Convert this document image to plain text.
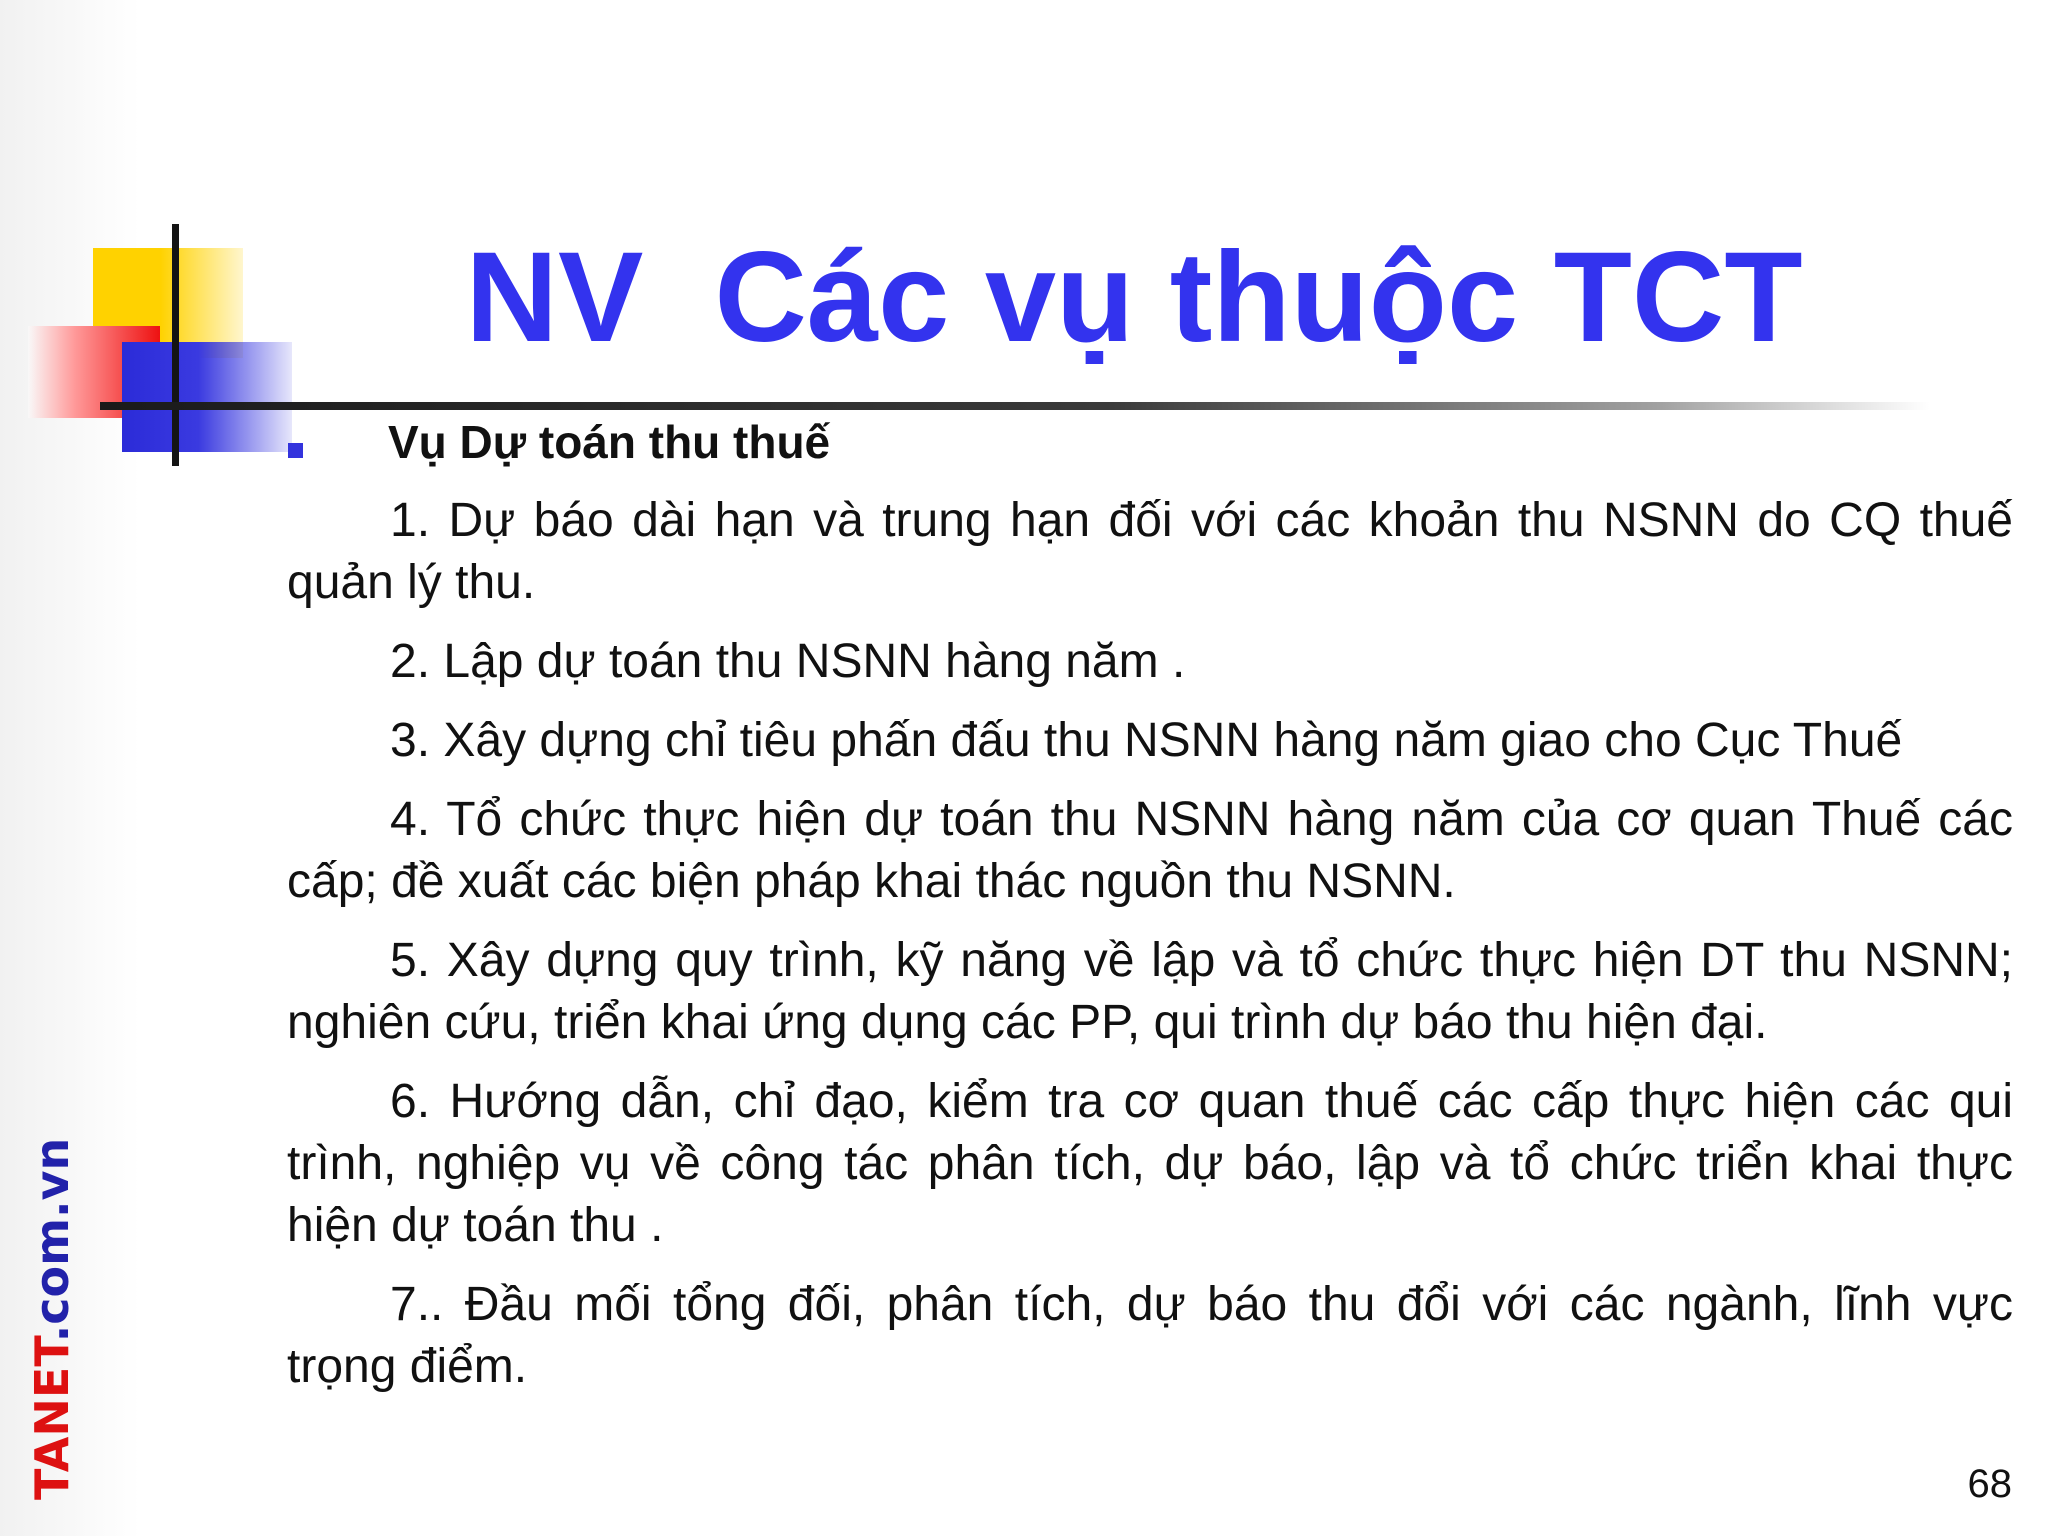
NV  Các vụ thuộc TCT

Vụ Dự toán thu thuế

1. Dự báo dài hạn và trung hạn đối với các khoản thu NSNN do CQ thuế quản lý thu.

2. Lập dự toán thu NSNN hàng năm .

3. Xây dựng chỉ tiêu phấn đấu thu NSNN hàng năm giao cho Cục Thuế

4. Tổ chức thực hiện dự toán thu NSNN hàng năm của cơ quan Thuế các cấp; đề xuất các biện pháp khai thác nguồn thu NSNN.

5. Xây dựng quy trình, kỹ năng về lập và tổ chức thực hiện DT thu NSNN; nghiên cứu, triển khai ứng dụng các PP, qui trình dự báo thu hiện đại.

6. Hướng dẫn, chỉ đạo, kiểm tra cơ quan thuế các cấp thực hiện các qui trình, nghiệp vụ về công tác phân tích, dự báo, lập và tổ chức triển khai thực hiện dự toán thu .

7.. Đầu mối tổng đối, phân tích, dự báo thu đổi với các ngành, lĩnh vực trọng điểm.

68
TANET.com.vn
